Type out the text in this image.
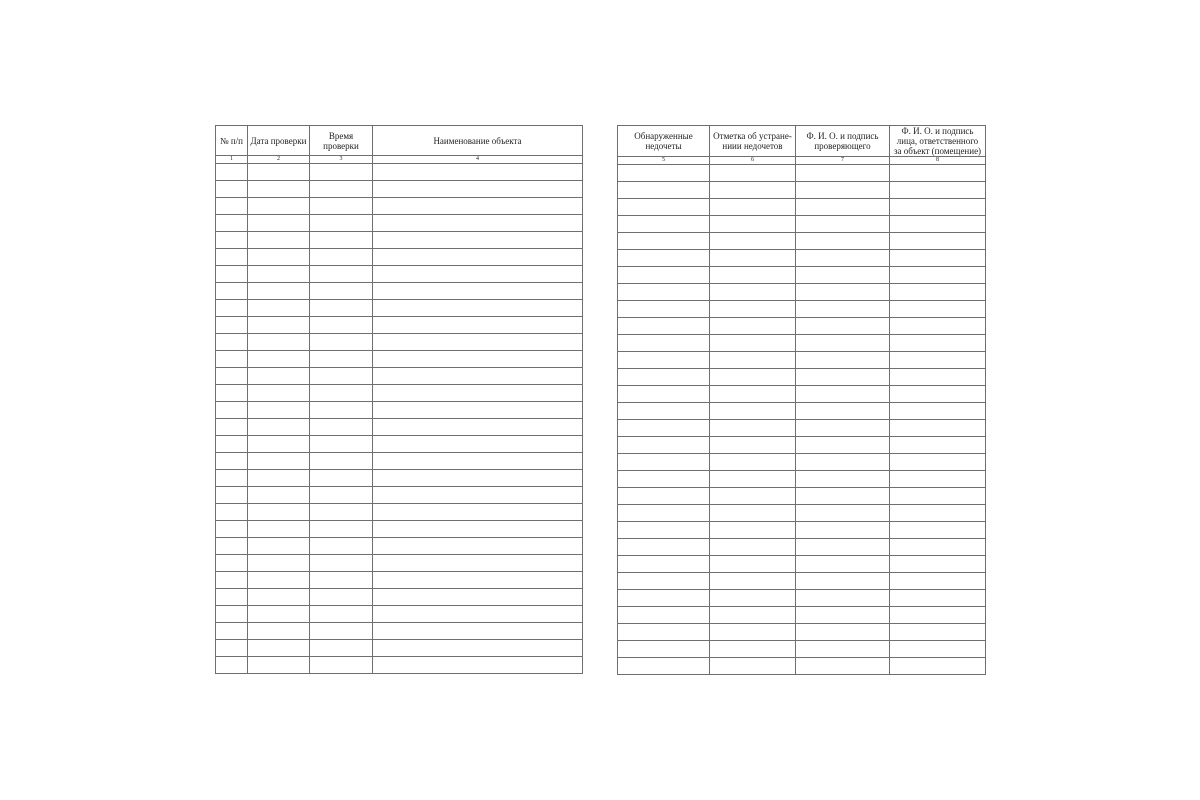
№ п/п	Дата проверки	Время проверки	Наименование объекта
1	2	3	4

Обнаруженные недочеты	Отметка об устране-ниии недочетов	Ф. И. О. и подпись проверяющего	Ф. И. О. и подпись лица, ответственного за объект (помещение)
5	6	7	8
